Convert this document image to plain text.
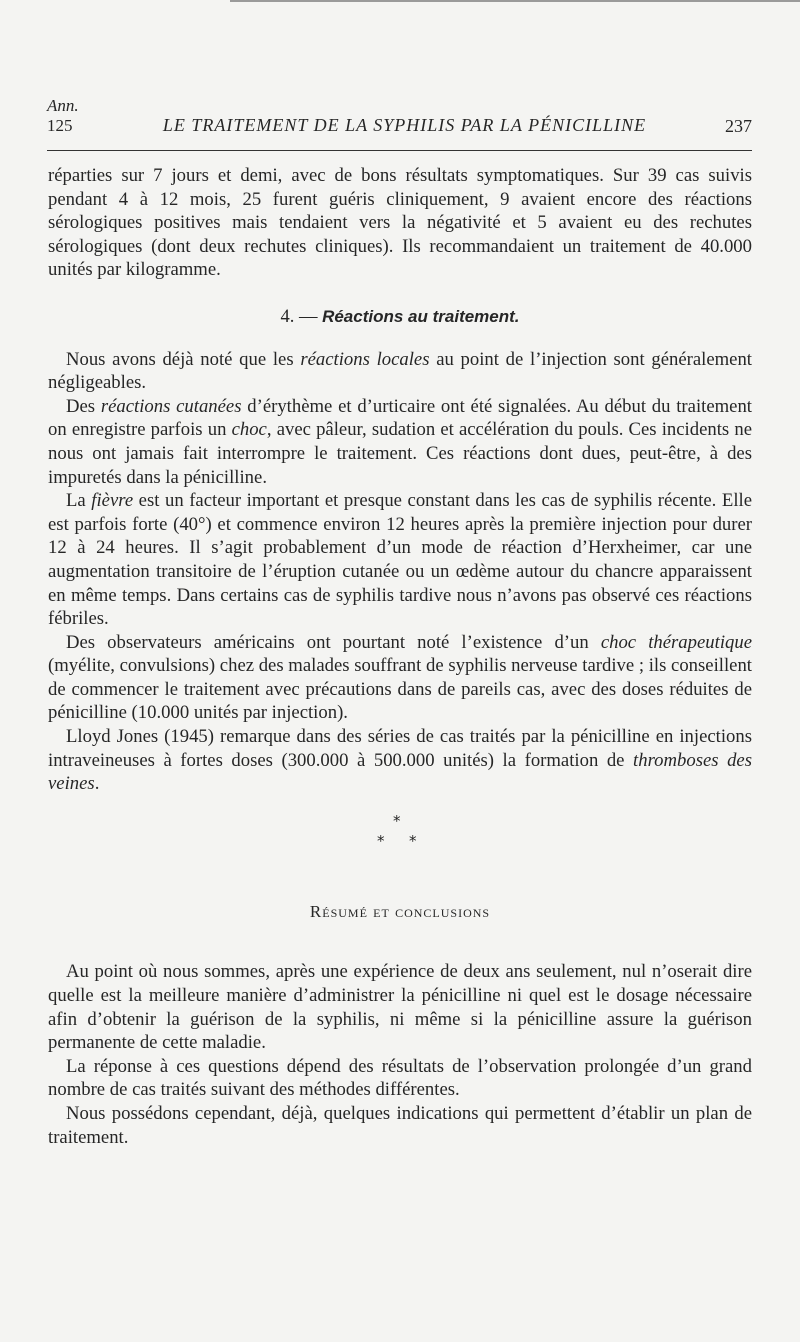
Ann.
125	LE TRAITEMENT DE LA SYPHILIS PAR LA PÉNICILLINE	237

réparties sur 7 jours et demi, avec de bons résultats symptomatiques. Sur 39 cas suivis pendant 4 à 12 mois, 25 furent guéris cliniquement, 9 avaient encore des réactions sérologiques positives mais tendaient vers la négativité et 5 avaient eu des rechutes sérologiques (dont deux rechutes cliniques). Ils recommandaient un traitement de 40.000 unités par kilogramme.

4. — Réactions au traitement.

Nous avons déjà noté que les réactions locales au point de l’injection sont généralement négligeables.

Des réactions cutanées d’érythème et d’urticaire ont été signalées. Au début du traitement on enregistre parfois un choc, avec pâleur, sudation et accélération du pouls. Ces incidents ne nous ont jamais fait interrompre le traitement. Ces réactions dont dues, peut-être, à des impuretés dans la pénicilline.

La fièvre est un facteur important et presque constant dans les cas de syphilis récente. Elle est parfois forte (40°) et commence environ 12 heures après la première injection pour durer 12 à 24 heures. Il s’agit probablement d’un mode de réaction d’Herxheimer, car une augmentation transitoire de l’éruption cutanée ou un œdème autour du chancre apparaissent en même temps. Dans certains cas de syphilis tardive nous n’avons pas observé ces réactions fébriles.

Des observateurs américains ont pourtant noté l’existence d’un choc thérapeutique (myélite, convulsions) chez des malades souffrant de syphilis nerveuse tardive ; ils conseillent de commencer le traitement avec précautions dans de pareils cas, avec des doses réduites de pénicilline (10.000 unités par injection).

Lloyd Jones (1945) remarque dans des séries de cas traités par la pénicilline en injections intraveineuses à fortes doses (300.000 à 500.000 unités) la formation de thromboses des veines.

*
* *

Résumé et conclusions

Au point où nous sommes, après une expérience de deux ans seulement, nul n’oserait dire quelle est la meilleure manière d’administrer la pénicilline ni quel est le dosage nécessaire afin d’obtenir la guérison de la syphilis, ni même si la pénicilline assure la guérison permanente de cette maladie.

La réponse à ces questions dépend des résultats de l’observation prolongée d’un grand nombre de cas traités suivant des méthodes différentes.

Nous possédons cependant, déjà, quelques indications qui permettent d’établir un plan de traitement.
